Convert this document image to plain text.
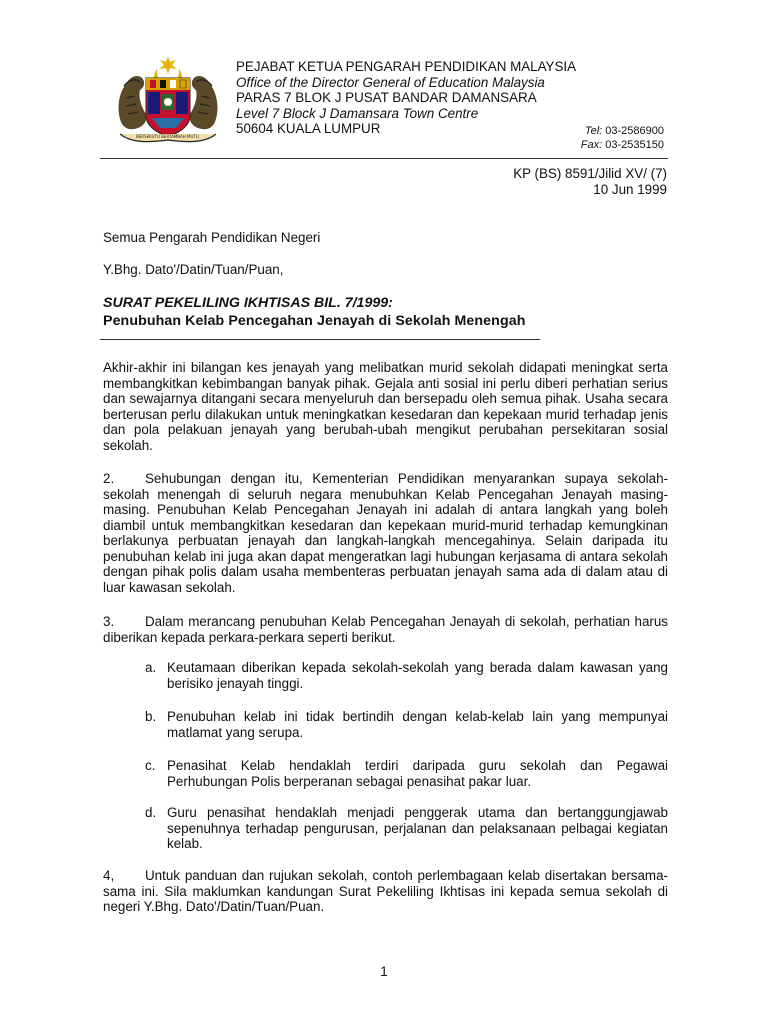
BERSEKUTU BERTAMBAH MUTU
PEJABAT KETUA PENGARAH PENDIDIKAN MALAYSIA
Office of the Director General of Education Malaysia
PARAS 7 BLOK J PUSAT BANDAR DAMANSARA
Level 7 Block J Damansara Town Centre
50604 KUALA LUMPUR	Tel: 03-2586900
Fax: 03-2535150
KP (BS) 8591/Jilid XV/ (7)
10 Jun 1999
Semua Pengarah Pendidikan Negeri
Y.Bhg. Dato'/Datin/Tuan/Puan,
SURAT PEKELILING IKHTISAS BIL. 7/1999:
Penubuhan Kelab Pencegahan Jenayah di Sekolah Menengah
Akhir-akhir ini bilangan kes jenayah yang melibatkan murid sekolah didapati meningkat serta membangkitkan kebimbangan banyak pihak. Gejala anti sosial ini perlu diberi perhatian serius dan sewajarnya ditangani secara menyeluruh dan bersepadu oleh semua pihak. Usaha secara berterusan perlu dilakukan untuk meningkatkan kesedaran dan kepekaan murid terhadap jenis dan pola pelakuan jenayah yang berubah-ubah mengikut perubahan persekitaran sosial sekolah.
2. Sehubungan dengan itu, Kementerian Pendidikan menyarankan supaya sekolah-sekolah menengah di seluruh negara menubuhkan Kelab Pencegahan Jenayah masing-masing. Penubuhan Kelab Pencegahan Jenayah ini adalah di antara langkah yang boleh diambil untuk membangkitkan kesedaran dan kepekaan murid-murid terhadap kemungkinan berlakunya perbuatan jenayah dan langkah-langkah mencegahinya. Selain daripada itu penubuhan kelab ini juga akan dapat mengeratkan lagi hubungan kerjasama di antara sekolah dengan pihak polis dalam usaha membenteras perbuatan jenayah sama ada di dalam atau di luar kawasan sekolah.
3. Dalam merancang penubuhan Kelab Pencegahan Jenayah di sekolah, perhatian harus diberikan kepada perkara-perkara seperti berikut.
a. Keutamaan diberikan kepada sekolah-sekolah yang berada dalam kawasan yang berisiko jenayah tinggi.
b. Penubuhan kelab ini tidak bertindih dengan kelab-kelab lain yang mempunyai matlamat yang serupa.
c. Penasihat Kelab hendaklah terdiri daripada guru sekolah dan Pegawai Perhubungan Polis berperanan sebagai penasihat pakar luar.
d. Guru penasihat hendaklah menjadi penggerak utama dan bertanggungjawab sepenuhnya terhadap pengurusan, perjalanan dan pelaksanaan pelbagai kegiatan kelab.
4, Untuk panduan dan rujukan sekolah, contoh perlembagaan kelab disertakan bersama-sama ini. Sila maklumkan kandungan Surat Pekeliling Ikhtisas ini kepada semua sekolah di negeri Y.Bhg. Dato'/Datin/Tuan/Puan.
1
